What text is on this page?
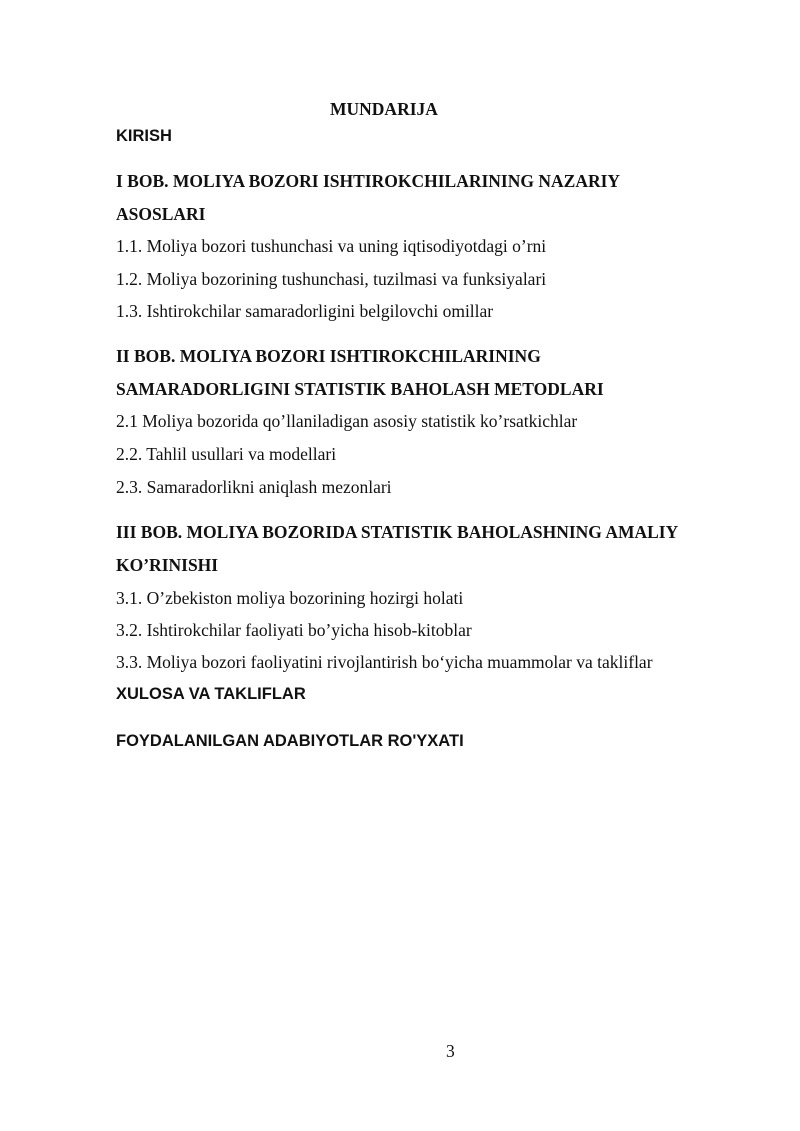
MUNDARIJA
KIRISH
I BOB. MOLIYA BOZORI ISHTIROKCHILARINING NAZARIY
ASOSLARI
1.1. Moliya bozori tushunchasi va uning iqtisodiyotdagi o’rni
1.2. Moliya bozorining tushunchasi, tuzilmasi va funksiyalari
1.3. Ishtirokchilar samaradorligini belgilovchi omillar
II BOB. MOLIYA BOZORI ISHTIROKCHILARINING
SAMARADORLIGINI STATISTIK BAHOLASH METODLARI
2.1 Moliya bozorida qo’llaniladigan asosiy statistik ko’rsatkichlar
2.2. Tahlil usullari va modellari
2.3. Samaradorlikni aniqlash mezonlari
III BOB. MOLIYA BOZORIDA STATISTIK BAHOLASHNING AMALIY
KO’RINISHI
3.1. O’zbekiston moliya bozorining hozirgi holati
3.2. Ishtirokchilar faoliyati bo’yicha hisob-kitoblar
3.3. Moliya bozori faoliyatini rivojlantirish bo‘yicha muammolar va takliflar
XULOSA VA TAKLIFLAR
FOYDALANILGAN ADABIYOTLAR RO'YXATI
3
